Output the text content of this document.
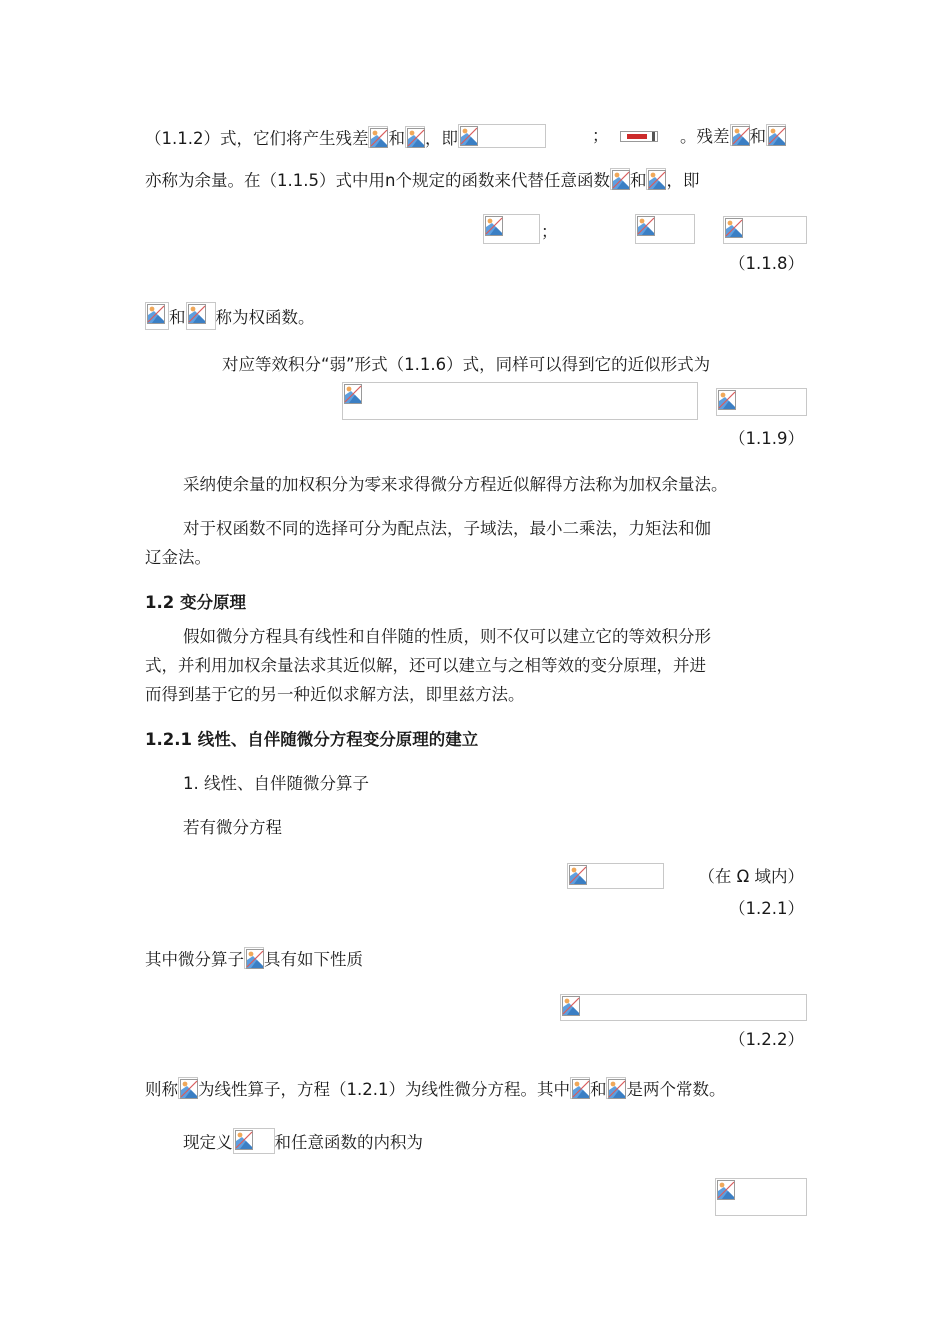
（1.1.2）式，它们将产生残差 和 ，即	；	。残差 和
亦称为余量。在（1.1.5）式中用n个规定的函数来代替任意函数 和 ，即
；
（1.1.8）
和 称为权函数。
对应等效积分“弱”形式（1.1.6）式，同样可以得到它的近似形式为
（1.1.9）
采纳使余量的加权积分为零来求得微分方程近似解得方法称为加权余量法。
对于权函数不同的选择可分为配点法，子域法，最小二乘法，力矩法和伽
辽金法。
1.2 变分原理
假如微分方程具有线性和自伴随的性质，则不仅可以建立它的等效积分形
式，并利用加权余量法求其近似解，还可以建立与之相等效的变分原理，并进
而得到基于它的另一种近似求解方法，即里兹方法。
1.2.1 线性、自伴随微分方程变分原理的建立
1. 线性、自伴随微分算子
若有微分方程
（在 Ω 域内）
（1.2.1）
其中微分算子 具有如下性质
（1.2.2）
则称 为线性算子，方程（1.2.1）为线性微分方程。其中 和 是两个常数。
现定义	和任意函数的内积为
